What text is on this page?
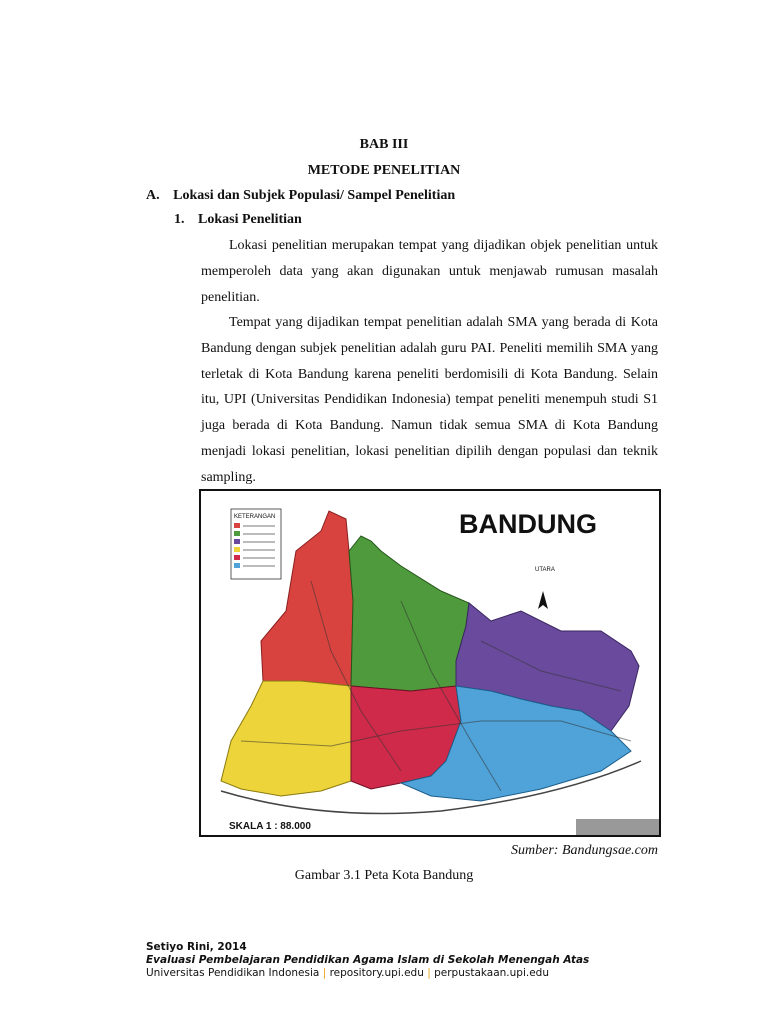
BAB III
METODE PENELITIAN
A. Lokasi dan Subjek Populasi/ Sampel Penelitian
1. Lokasi Penelitian

Lokasi penelitian merupakan tempat yang dijadikan objek penelitian untuk memperoleh data yang akan digunakan untuk menjawab rumusan masalah penelitian.

Tempat yang dijadikan tempat penelitian adalah SMA yang berada di Kota Bandung dengan subjek penelitian adalah guru PAI. Peneliti memilih SMA yang terletak di Kota Bandung karena peneliti berdomisili di Kota Bandung. Selain itu, UPI (Universitas Pendidikan Indonesia) tempat peneliti menempuh studi S1 juga berada di Kota Bandung. Namun tidak semua SMA di Kota Bandung menjadi lokasi penelitian, lokasi penelitian dipilih dengan populasi dan teknik sampling.

BANDUNG
UTARA
KETERANGAN
SKALA 1 : 88.000
Sumber: Bandungsae.com
Gambar 3.1 Peta Kota Bandung
Setiyo Rini, 2014
Evaluasi Pembelajaran Pendidikan Agama Islam di Sekolah Menengah Atas
Universitas Pendidikan Indonesia | repository.upi.edu | perpustakaan.upi.edu
